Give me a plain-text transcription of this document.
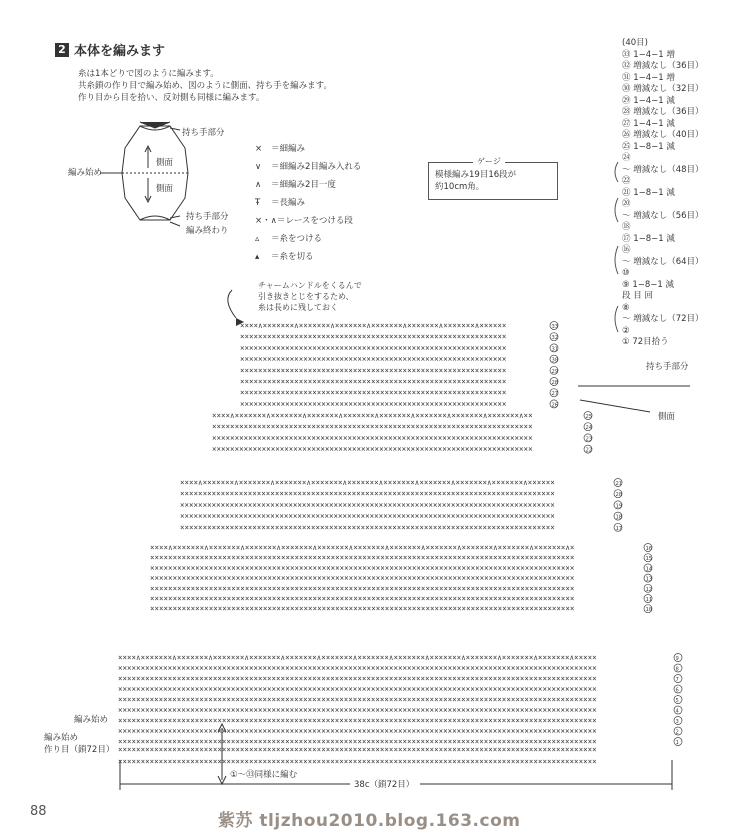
2 本体を編みます
糸は1本どりで図のように編みます。
共糸鎖の作り目で編み始め、図のように側面、持ち手を編みます。
作り目から目を拾い、反対側も同様に編みます。
持ち手部分
編み始め
側面
側面
持ち手部分
編み終わり
× ＝細編み
∨ ＝細編み2目編み入れる
∧ ＝細編み2目一度
Ŧ ＝長編み
×・∧＝レースをつける段
▵ ＝糸をつける
▴ ＝糸を切る
ゲージ
模様編み19目16段が
約10cm角。
(40目)
㉝ 1−4−1 増
㉜ 増減なし（36目）
㉛ 1−4−1 増
㉚ 増減なし（32目）
㉙ 1−4−1 減
㉘ 増減なし（36目）
㉗ 1−4−1 減
㉖ 増減なし（40目）
㉕ 1−8−1 減
㉔
〜 増減なし（48目）
㉒
㉑ 1−8−1 減
⑳
〜 増減なし（56目）
⑱
⑰ 1−8−1 減
⑯
〜 増減なし（64目）
⑩
⑨ 1−8−1 減
段 目 回
⑧
〜 増減なし（72目）
②
① 72目拾う
持ち手部分
側面
チャームハンドルをくるんで
引き抜きとじをするため、
糸は長めに残しておく
××××∧×××××××∧×××××××∧×××××××∧×××××××∧×××××××∧×××××××∧××××××	33
×××××××××××××××××××××××××××××××××××××××××××××××××××××××××××	32
×××××××××××××××××××××××××××××××××××××××××××××××××××××××××××	31
×××××××××××××××××××××××××××××××××××××××××××××××××××××××××××	30
×××××××××××××××××××××××××××××××××××××××××××××××××××××××××××	29
×××××××××××××××××××××××××××××××××××××××××××××××××××××××××××	28
×××××××××××××××××××××××××××××××××××××××××××××××××××××××××××	27
×××××××××××××××××××××××××××××××××××××××××××××××××××××××××××	26
××××∧×××××××∧×××××××∧×××××××∧×××××××∧×××××××∧×××××××∧×××××××∧×××××××∧××	25
×××××××××××××××××××××××××××××××××××××××××××××××××××××××××××××××××××××××	24
×××××××××××××××××××××××××××××××××××××××××××××××××××××××××××××××××××××××	23
×××××××××××××××××××××××××××××××××××××××××××××××××××××××××××××××××××××××	22
××××∧×××××××∧×××××××∧×××××××∧×××××××∧×××××××∧×××××××∧×××××××∧×××××××∧×××××××∧××××××	21
×××××××××××××××××××××××××××××××××××××××××××××××××××××××××××××××××××××××××××××××××××	20
×××××××××××××××××××××××××××××××××××××××××××××××××××××××××××××××××××××××××××××××××××	19
×××××××××××××××××××××××××××××××××××××××××××××××××××××××××××××××××××××××××××××××××××	18
×××××××××××××××××××××××××××××××××××××××××××××××××××××××××××××××××××××××××××××××××××	17
××××∧×××××××∧×××××××∧×××××××∧×××××××∧×××××××∧×××××××∧×××××××∧×××××××∧×××××××∧×××××××∧×××××××∧×	16
××××××××××××××××××××××××××××××××××××××××××××××××××××××××××××××××××××××××××××××××××××××××××××××	15
××××××××××××××××××××××××××××××××××××××××××××××××××××××××××××××××××××××××××××××××××××××××××××××	14
××××××××××××××××××××××××××××××××××××××××××××××××××××××××××××××××××××××××××××××××××××××××××××××	13
××××××××××××××××××××××××××××××××××××××××××××××××××××××××××××××××××××××××××××××××××××××××××××××	12
××××××××××××××××××××××××××××××××××××××××××××××××××××××××××××××××××××××××××××××××××××××××××××××	11
××××××××××××××××××××××××××××××××××××××××××××××××××××××××××××××××××××××××××××××××××××××××××××××	10
××××∧×××××××∧×××××××∧×××××××∧×××××××∧×××××××∧×××××××∧×××××××∧×××××××∧×××××××∧×××××××∧×××××××∧×××××××∧×××××	9
××××××××××××××××××××××××××××××××××××××××××××××××××××××××××××××××××××××××××××××××××××××××××××××××××××××××××	8
××××××××××××××××××××××××××××××××××××××××××××××××××××××××××××××××××××××××××××××××××××××××××××××××××××××××××	7
××××××××××××××××××××××××××××××××××××××××××××××××××××××××××××××××××××××××××××××××××××××××××××××××××××××××××	6
××××××××××××××××××××××××××××××××××××××××××××××××××××××××××××××××××××××××××××××××××××××××××××××××××××××××××	5
××××××××××××××××××××××××××××××××××××××××××××××××××××××××××××××××××××××××××××××××××××××××××××××××××××××××××	4
××××××××××××××××××××××××××××××××××××××××××××××××××××××××××××××××××××××××××××××××××××××××××××××××××××××××××	3
××××××××××××××××××××××××××××××××××××××××××××××××××××××××××××××××××××××××××××××××××××××××××××××××××××××××××	2
××××××××××××××××××××××××××××××××××××××××××××××××××××××××××××××××××××××××××××××××××××××××××××××××××××××××××	1
××××××××××××××××××××××××××××××××××××××××××××××××××××××××××××××××××××××××××××××××××××××××××××××××××××××××××
××××××××××××××××××××××××××××××××××××××××××××××××××××××××××××××××××××××××××××××××××××××××××××××××××××××××××
編み始め
編み始め
作り目（鎖72目）
①〜㉝同様に編む
38c（鎖72目）
88	紫苏 tljzhou2010.blog.163.com
